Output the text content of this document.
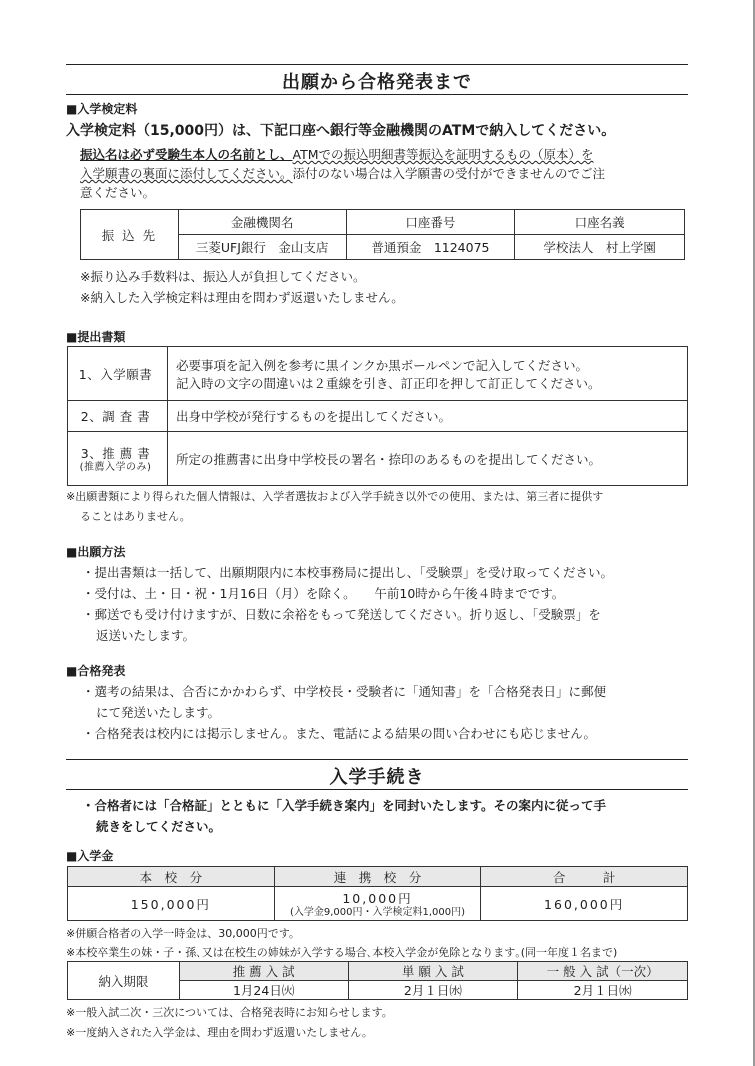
出願から合格発表まで
■入学検定料
入学検定料（15,000円）は、下記口座へ銀行等金融機関のATMで納入してください。
振込名は必ず受験生本人の名前とし、ATMでの振込明細書等振込を証明するもの（原本）を
入学願書の裏面に添付してください。添付のない場合は入学願書の受付ができませんのでご注
意ください。
振 込 先	金融機関名	口座番号	口座名義
	三菱UFJ銀行　金山支店	普通預金　1124075	学校法人　村上学園
※振り込み手数料は、振込人が負担してください。
※納入した入学検定料は理由を問わず返還いたしません。
■提出書類
1、入学願書	必要事項を記入例を参考に黒インクか黒ボールペンで記入してください。
記入時の文字の間違いは２重線を引き、訂正印を押して訂正してください。

2、調 査 書	出身中学校が発行するものを提出してください。

3、推 薦 書
(推薦入学のみ)	所定の推薦書に出身中学校長の署名・捺印のあるものを提出してください。
※出願書類により得られた個人情報は、入学者選抜および入学手続き以外での使用、または、第三者に提供す
ることはありません。
■出願方法
・提出書類は一括して、出願期限内に本校事務局に提出し、「受験票」を受け取ってください。
・受付は、土・日・祝・1月16日（月）を除く。　　午前10時から午後４時までです。
・郵送でも受け付けますが、日数に余裕をもって発送してください。折り返し、「受験票」を
返送いたします。
■合格発表
・選考の結果は、合否にかかわらず、中学校長・受験者に「通知書」を「合格発表日」に郵便
にて発送いたします。
・合格発表は校内には掲示しません。また、電話による結果の問い合わせにも応じません。
入学手続き
・合格者には「合格証」とともに「入学手続き案内」を同封いたします。その案内に従って手
続きをしてください。
■入学金
本　校　分	連　携　校　分	合　　　計
150,000円	10,000円
(入学金9,000円・入学検定料1,000円)	160,000円
※併願合格者の入学一時金は、30,000円です。
※本校卒業生の妹・子・孫､又は在校生の姉妹が入学する場合､本校入学金が免除となります｡(同一年度１名まで)
納入期限	推 薦 入 試	単 願 入 試	一 般 入 試（一次）
	1月24日㈫	2月１日㈬	2月１日㈬
※一般入試二次・三次については、合格発表時にお知らせします。
※一度納入された入学金は、理由を問わず返還いたしません。
